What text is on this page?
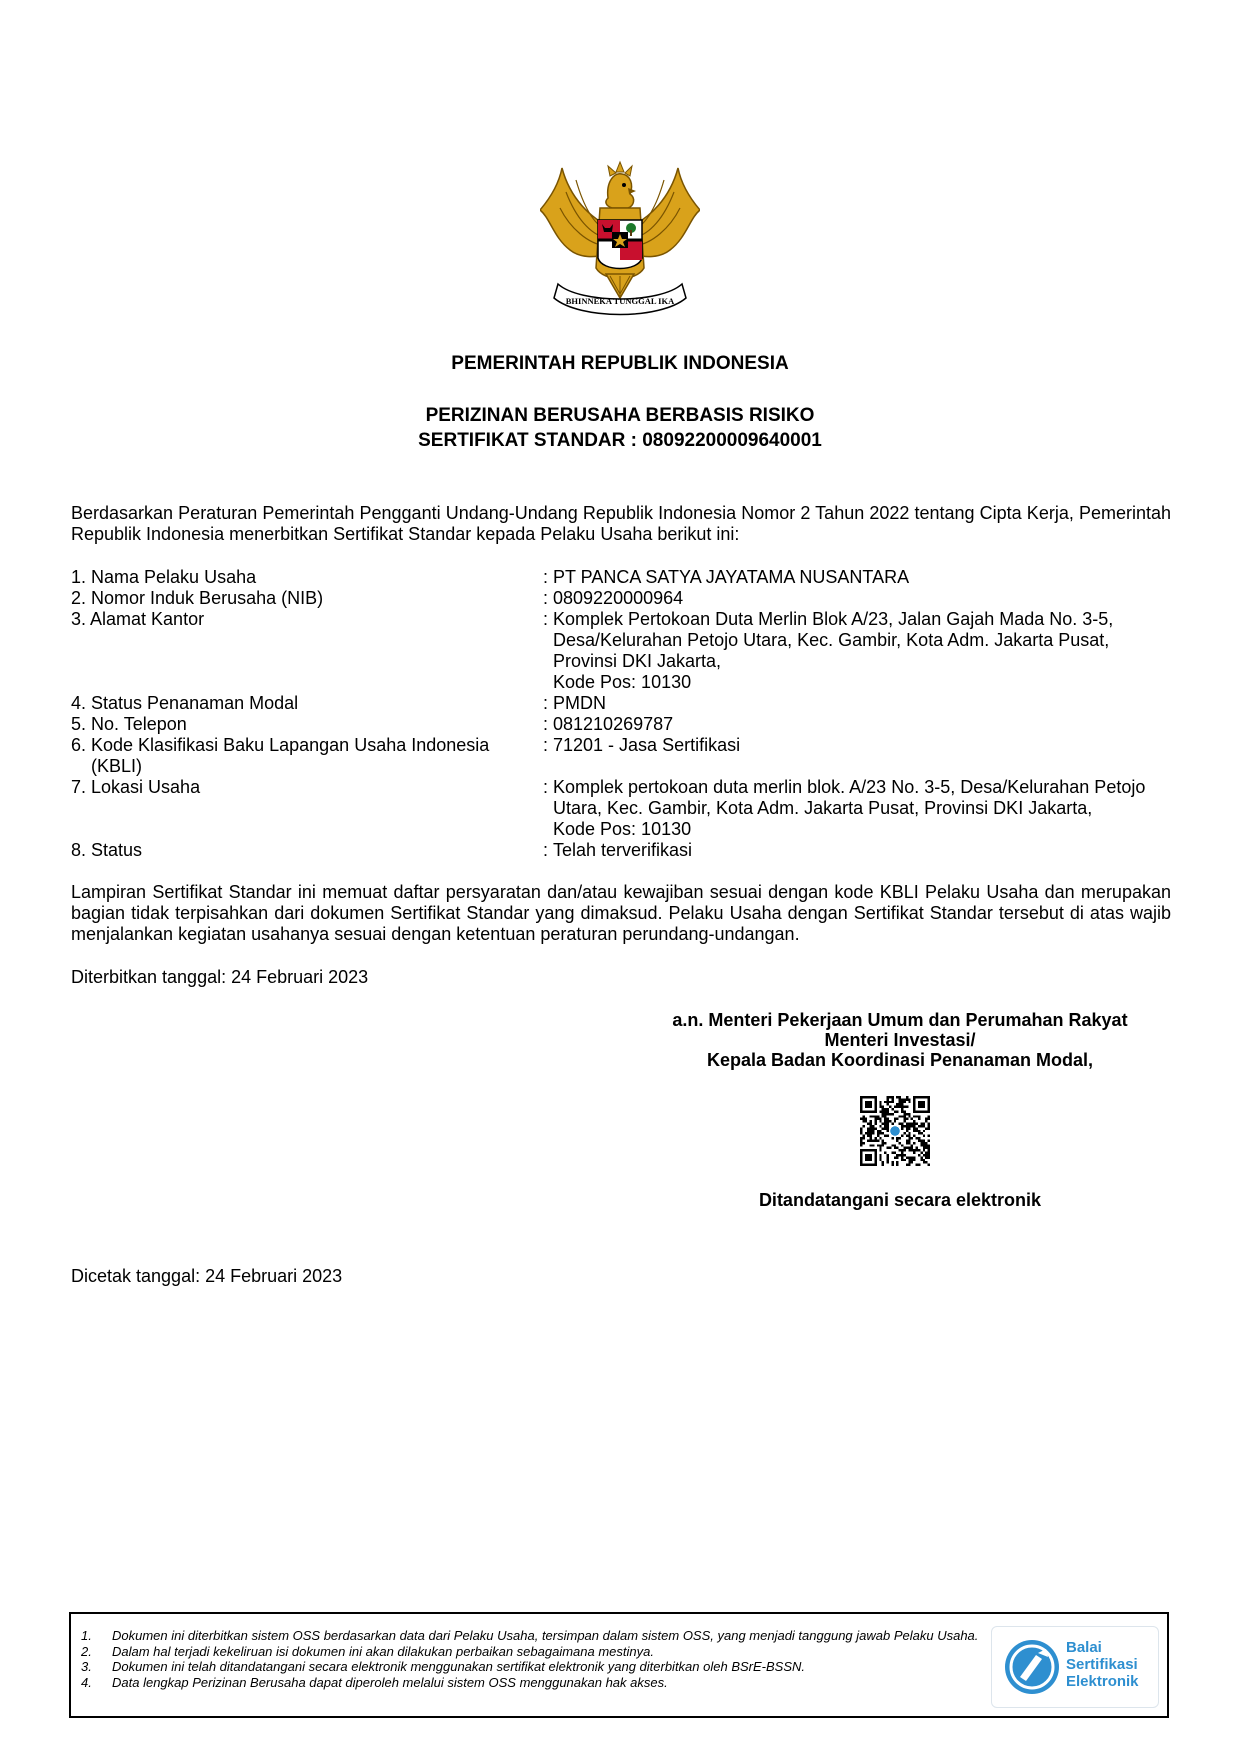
BHINNEKA TUNGGAL IKA
PEMERINTAH REPUBLIK INDONESIA
PERIZINAN BERUSAHA BERBASIS RISIKO
SERTIFIKAT STANDAR : 08092200009640001
Berdasarkan Peraturan Pemerintah Pengganti Undang-Undang Republik Indonesia Nomor 2 Tahun 2022 tentang Cipta Kerja, Pemerintah Republik Indonesia menerbitkan Sertifikat Standar kepada Pelaku Usaha berikut ini:
1. Nama Pelaku Usaha	: PT PANCA SATYA JAYATAMA NUSANTARA
2. Nomor Induk Berusaha (NIB)	: 0809220000964
3. Alamat Kantor	: Komplek Pertokoan Duta Merlin Blok A/23, Jalan Gajah Mada No. 3-5,
Desa/Kelurahan Petojo Utara, Kec. Gambir, Kota Adm. Jakarta Pusat,
Provinsi DKI Jakarta,
Kode Pos: 10130
4. Status Penanaman Modal	: PMDN
5. No. Telepon	: 081210269787
6. Kode Klasifikasi Baku Lapangan Usaha Indonesia
(KBLI)
: 71201 - Jasa Sertifikasi
7. Lokasi Usaha	: Komplek pertokoan duta merlin blok. A/23 No. 3-5, Desa/Kelurahan Petojo
Utara, Kec. Gambir, Kota Adm. Jakarta Pusat, Provinsi DKI Jakarta,
Kode Pos: 10130
8. Status	: Telah terverifikasi
Lampiran Sertifikat Standar ini memuat daftar persyaratan dan/atau kewajiban sesuai dengan kode KBLI Pelaku Usaha dan merupakan bagian tidak terpisahkan dari dokumen Sertifikat Standar yang dimaksud. Pelaku Usaha dengan Sertifikat Standar tersebut di atas wajib menjalankan kegiatan usahanya sesuai dengan ketentuan peraturan perundang-undangan.
Diterbitkan tanggal: 24 Februari 2023
a.n. Menteri Pekerjaan Umum dan Perumahan Rakyat
Menteri Investasi/
Kepala Badan Koordinasi Penanaman Modal,
Ditandatangani secara elektronik
Dicetak tanggal: 24 Februari 2023
1.	Dokumen ini diterbitkan sistem OSS berdasarkan data dari Pelaku Usaha, tersimpan dalam sistem OSS, yang menjadi tanggung jawab Pelaku Usaha.
2.	Dalam hal terjadi kekeliruan isi dokumen ini akan dilakukan perbaikan sebagaimana mestinya.
3.	Dokumen ini telah ditandatangani secara elektronik menggunakan sertifikat elektronik yang diterbitkan oleh BSrE-BSSN.
4.	Data lengkap Perizinan Berusaha dapat diperoleh melalui sistem OSS menggunakan hak akses.
Balai
Sertifikasi
Elektronik
